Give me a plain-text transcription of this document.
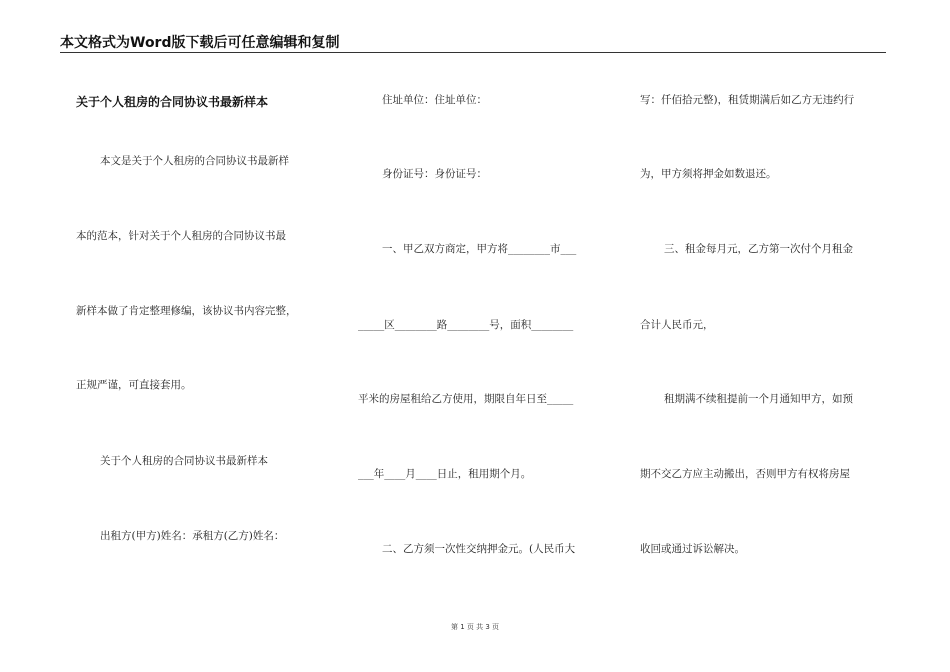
本文格式为Word版下载后可任意编辑和复制
关于个人租房的合同协议书最新样本
本文是关于个人租房的合同协议书最新样
本的范本，针对关于个人租房的合同协议书最
新样本做了肯定整理修编，该协议书内容完整，
正规严谨，可直接套用。
关于个人租房的合同协议书最新样本
出租方(甲方)姓名：承租方(乙方)姓名：
住址单位：住址单位：
身份证号：身份证号：
一、甲乙双方商定，甲方将________市___
_____区________路________号，面积________
平米的房屋租给乙方使用，期限自年日至_____
___年____月____日止，租用期个月。
二、乙方须一次性交纳押金元。(人民币大
写：仟佰拾元整)，租赁期满后如乙方无违约行
为，甲方须将押金如数退还。
三、租金每月元，乙方第一次付个月租金
合计人民币元，
租期满不续租提前一个月通知甲方，如预
期不交乙方应主动搬出，否则甲方有权将房屋
收回或通过诉讼解决。
第 1 页 共 3 页
